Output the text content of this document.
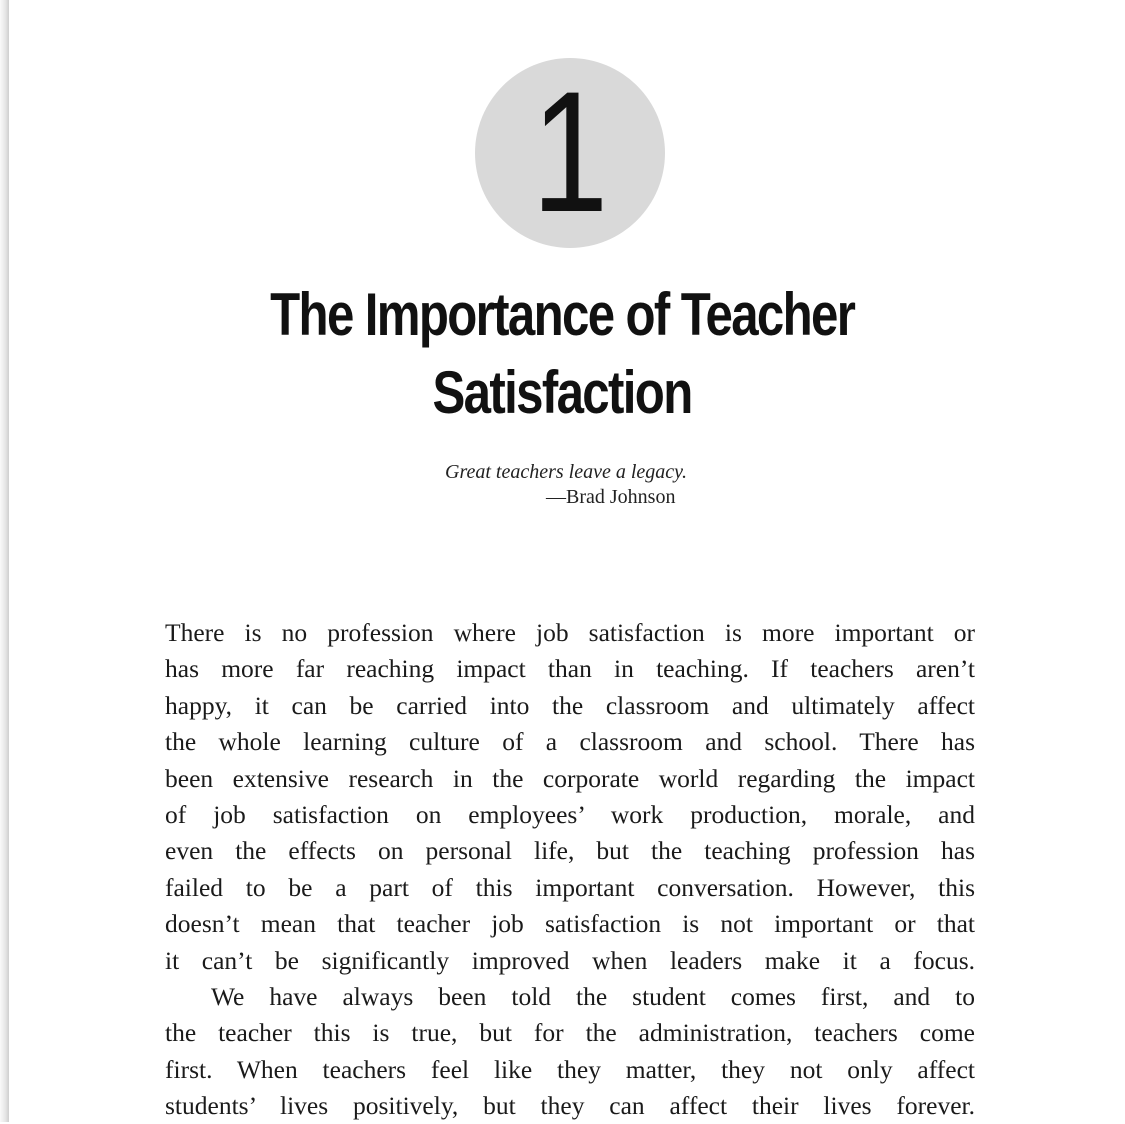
1
The Importance of Teacher
Satisfaction
Great teachers leave a legacy.
—Brad Johnson
There is no profession where job satisfaction is more important or
has more far reaching impact than in teaching. If teachers aren’t
happy, it can be carried into the classroom and ultimately affect
the whole learning culture of a classroom and school. There has
been extensive research in the corporate world regarding the impact
of job satisfaction on employees’ work production, morale, and
even the effects on personal life, but the teaching profession has
failed to be a part of this important conversation. However, this
doesn’t mean that teacher job satisfaction is not important or that
it can’t be significantly improved when leaders make it a focus.
We have always been told the student comes first, and to
the teacher this is true, but for the administration, teachers come
first. When teachers feel like they matter, they not only affect
students’ lives positively, but they can affect their lives forever.
